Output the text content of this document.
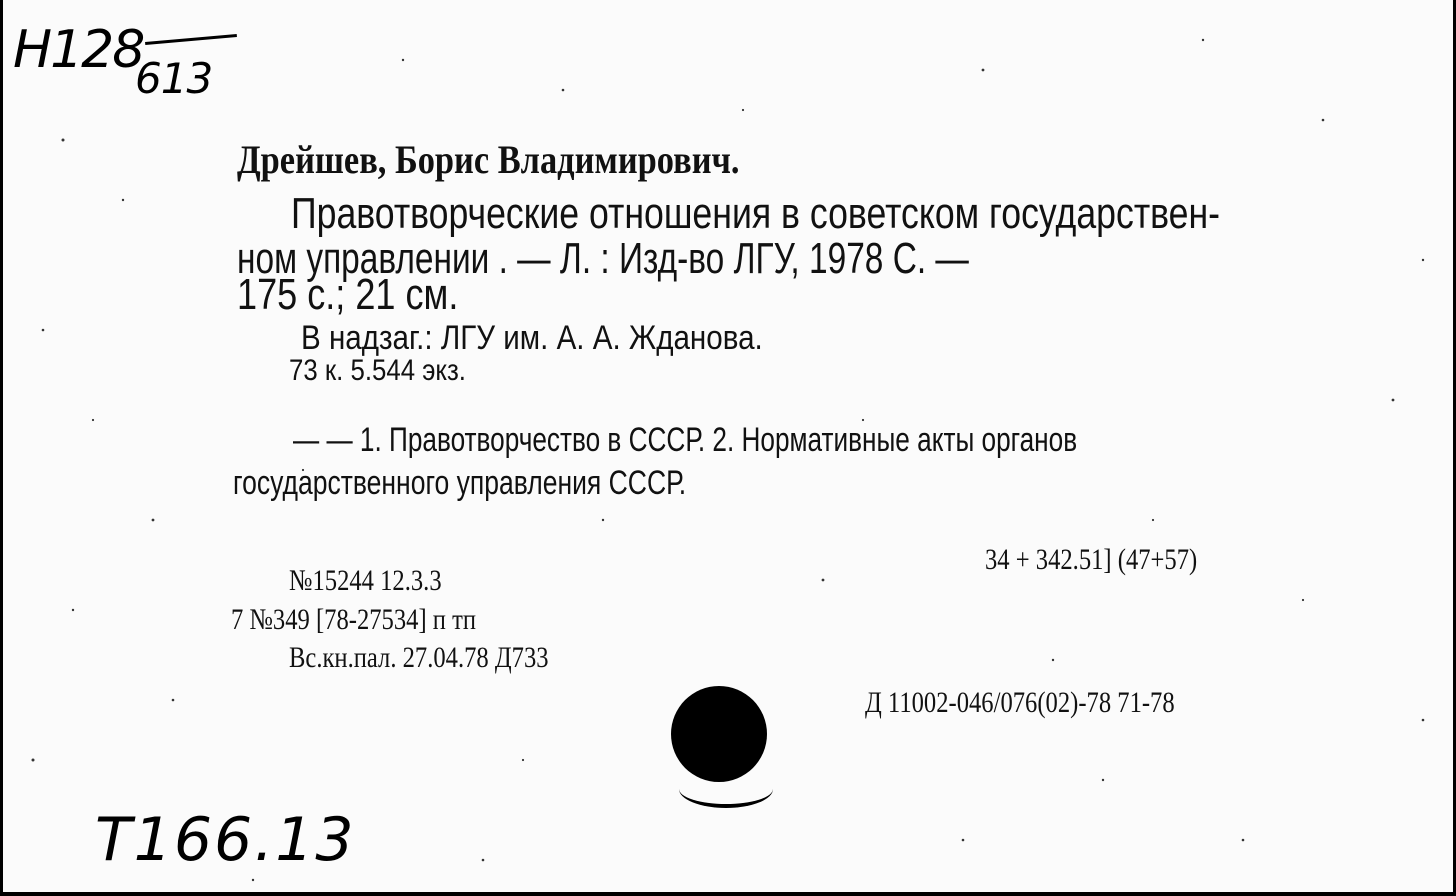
Н128
613
Дрейшев, Борис Владимирович.
Правотворческие отношения в советском государствен-
ном управлении . — Л. : Изд-во ЛГУ, 1978 С. —
175 с.; 21 см.
В надзаг.: ЛГУ им. А. А. Жданова.
73 к. 5.544 экз.
— — 1. Правотворчество в СССР. 2. Нормативные акты органов
государственного управления СССР.
34 + 342.51] (47+57)
№15244 12.3.3
7 №349 [78-27534] п тп
Вс.кн.пал. 27.04.78 Д733
Д 11002-046/076(02)-78 71-78
Т166.13
